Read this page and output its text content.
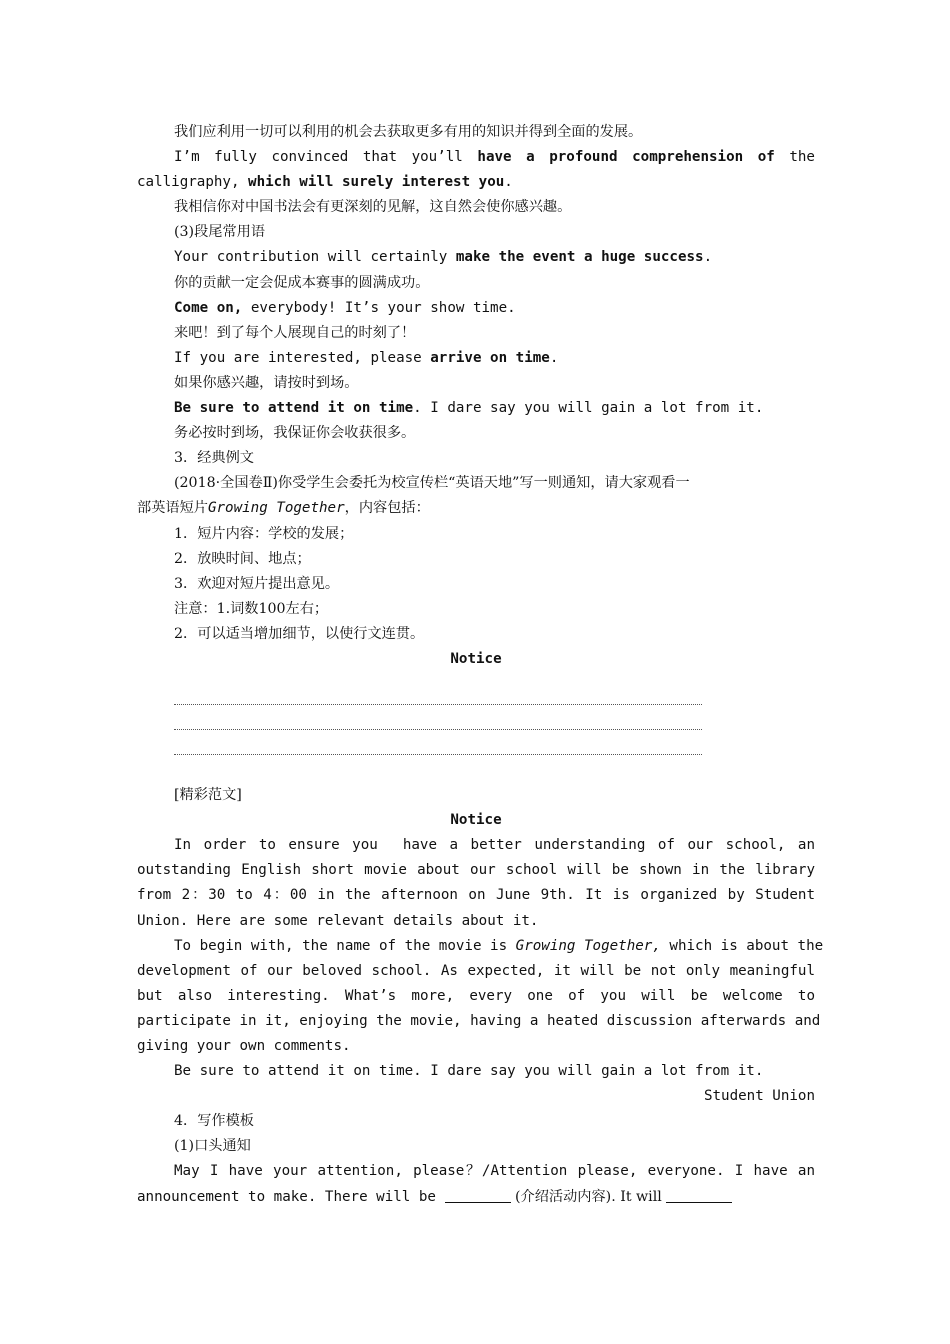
我们应利用一切可以利用的机会去获取更多有用的知识并得到全面的发展。
I’m fully convinced that you’ll have a profound comprehension of the
calligraphy, which will surely interest you.
我相信你对中国书法会有更深刻的见解，这自然会使你感兴趣。
(3)段尾常用语
Your contribution will certainly make the event a huge success.
你的贡献一定会促成本赛事的圆满成功。
Come on, everybody! It’s your show time.
来吧！到了每个人展现自己的时刻了！
If you are interested, please arrive on time.
如果你感兴趣，请按时到场。
Be sure to attend it on time. I dare say you will gain a lot from it.
务必按时到场，我保证你会收获很多。
3．经典例文
(2018·全国卷Ⅱ)你受学生会委托为校宣传栏“英语天地”写一则通知，请大家观看一
部英语短片Growing Together，内容包括：
1．短片内容：学校的发展；
2．放映时间、地点；
3．欢迎对短片提出意见。
注意：1.词数100左右；
2．可以适当增加细节，以使行文连贯。
Notice
[精彩范文]
Notice
In order to ensure you  have a better understanding of our school, an
outstanding English short movie about our school will be shown in the library
from 2：30 to 4：00 in the afternoon on June 9th. It is organized by Student
Union. Here are some relevant details about it.
To begin with, the name of the movie is Growing Together, which is about the
development of our beloved school. As expected, it will be not only meaningful
but also interesting. What’s more, every one of you will be welcome to
participate in it, enjoying the movie, having a heated discussion afterwards and
giving your own comments.
Be sure to attend it on time. I dare say you will gain a lot from it.
Student Union
4．写作模板
(1)口头通知
May I have your attention, please？/Attention please, everyone. I have an
announcement to make. There will be	(介绍活动内容). It will
